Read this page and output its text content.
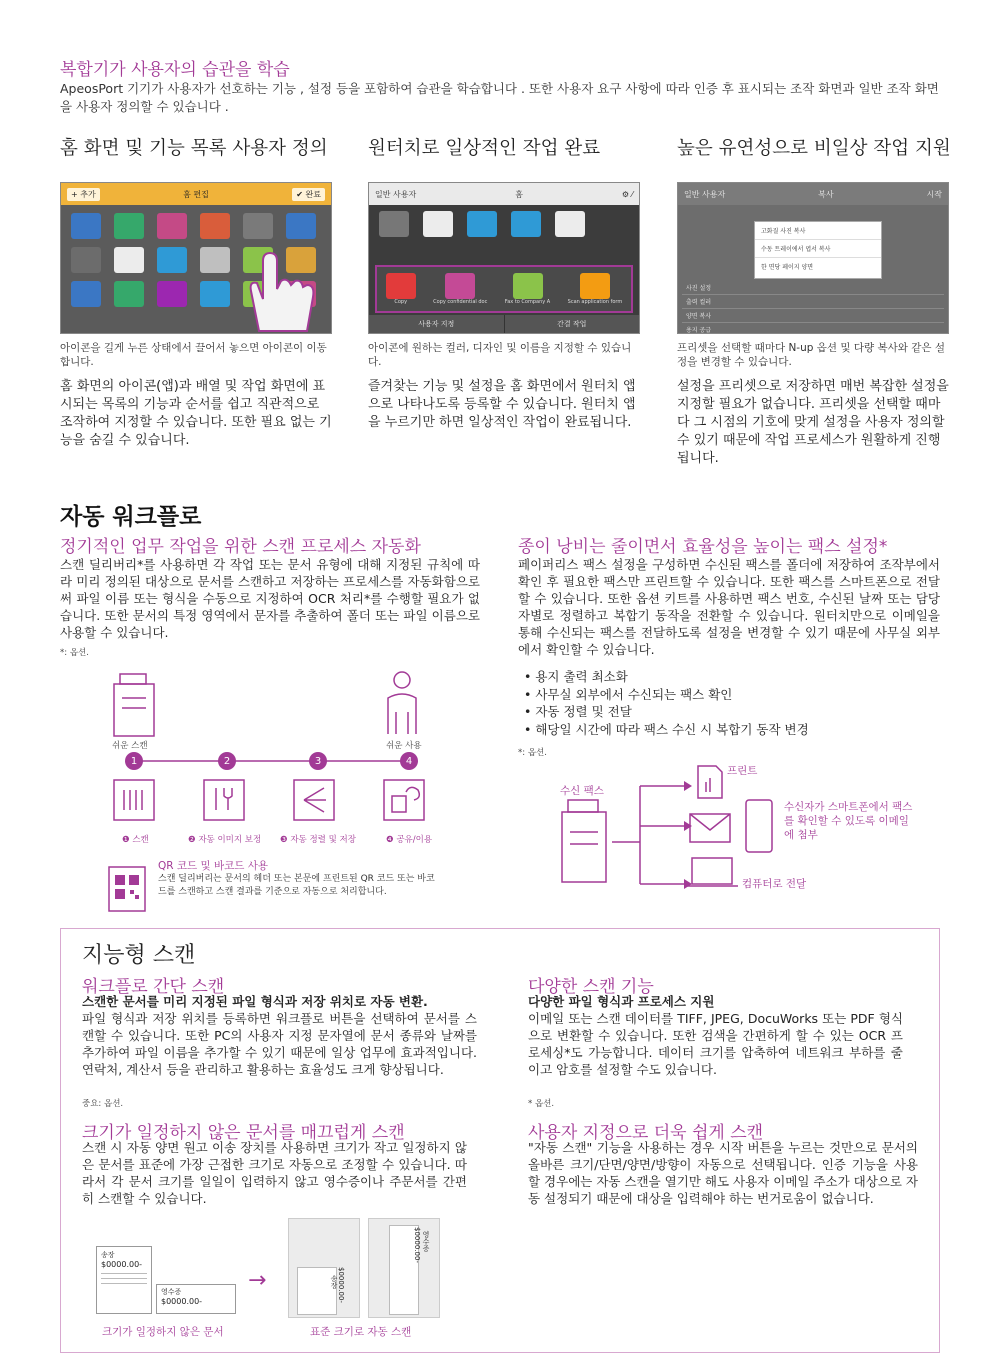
복합기가 사용자의 습관을 학습
ApeosPort 기기가 사용자가 선호하는 기능 , 설정 등을 포함하여 습관을 학습합니다 . 또한 사용자 요구 사항에 따라 인증 후 표시되는 조작 화면과 일반 조작 화면을 사용자 정의할 수 있습니다 .
홈 화면 및 기능 목록 사용자 정의 원터치로 일상적인 작업 완료	높은 유연성으로 비일상 작업 지원
+ 추가	홈 편집	✔ 완료	일반 사용자	홈	⚙ ⁄
Copy	Copy confidential doc	Fax to Company A	Scan application form
사용자 지정	간결 작업
일반 사용자	복사	시작
고화질 사진 복사
수동 트레이에서 엽서 복사
한 면당 페이지 양면
사진 설정
출력 컬러
양면 복사
용지 공급
아이콘을 길게 누른 상태에서 끌어서 놓으면 아이콘이 이동합니다.
아이콘에 원하는 컬러, 디자인 및 이름을 지정할 수 있습니다.
프리셋을 선택할 때마다 N-up 옵션 및 다량 복사와 같은 설정을 변경할 수 있습니다.
홈 화면의 아이콘(앱)과 배열 및 작업 화면에 표시되는 목록의 기능과 순서를 쉽고 직관적으로 조작하여 지정할 수 있습니다. 또한 필요 없는 기능을 숨길 수 있습니다.
즐겨찾는 기능 및 설정을 홈 화면에서 원터치 앱으로 나타나도록 등록할 수 있습니다. 원터치 앱을 누르기만 하면 일상적인 작업이 완료됩니다.
설정을 프리셋으로 저장하면 매번 복잡한 설정을 지정할 필요가 없습니다. 프리셋을 선택할 때마다 그 시점의 기호에 맞게 설정을 사용자 정의할 수 있기 때문에 작업 프로세스가 원활하게 진행됩니다.
자동 워크플로
정기적인 업무 작업을 위한 스캔 프로세스 자동화
스캔 딜리버리*를 사용하면 각 작업 또는 문서 유형에 대해 지정된 규칙에 따라 미리 정의된 대상으로 문서를 스캔하고 저장하는 프로세스를 자동화함으로써 파일 이름 또는 형식을 수동으로 지정하여 OCR 처리*를 수행할 필요가 없습니다. 또한 문서의 특정 영역에서 문자를 추출하여 폴더 또는 파일 이름으로 사용할 수 있습니다.
*: 옵션.
종이 낭비는 줄이면서 효율성을 높이는 팩스 설정*
페이퍼리스 팩스 설정을 구성하면 수신된 팩스를 폴더에 저장하여 조작부에서 확인 후 필요한 팩스만 프린트할 수 있습니다. 또한 팩스를 스마트폰으로 전달할 수 있습니다. 또한 옵션 키트를 사용하면 팩스 번호, 수신된 날짜 또는 담당자별로 정렬하고 복합기 동작을 전환할 수 있습니다. 원터치만으로 이메일을 통해 수신되는 팩스를 전달하도록 설정을 변경할 수 있기 때문에 사무실 외부에서 확인할 수 있습니다.
• 용지 출력 최소화
• 사무실 외부에서 수신되는 팩스 확인
• 자동 정렬 및 전달
• 해당일 시간에 따라 팩스 수신 시 복합기 동작 변경
*: 옵션.
쉬운 스캔	쉬운 사용
1	2	3	4
❶ 스캔	❷ 자동 이미지 보정 ❸ 자동 정렬 및 저장	❹ 공유/이용
QR 코드 및 바코드 사용
스캔 딜리버리는 문서의 헤더 또는 본문에 프린트된 QR 코드 또는 바코드를 스캔하고 스캔 결과를 기준으로 자동으로 처리합니다.
수신 팩스
프린트
수신자가 스마트폰에서 팩스를 확인할 수 있도록 이메일에 첨부
컴퓨터로 전달
지능형 스캔
워크플로 간단 스캔
스캔한 문서를 미리 지정된 파일 형식과 저장 위치로 자동 변환.
파일 형식과 저장 위치를 등록하면 워크플로 버튼을 선택하여 문서를 스캔할 수 있습니다. 또한 PC의 사용자 지정 문자열에 문서 종류와 날짜를 추가하여 파일 이름을 추가할 수 있기 때문에 일상 업무에 효과적입니다. 연락처, 계산서 등을 관리하고 활용하는 효율성도 크게 향상됩니다.
중요: 옵션.
크기가 일정하지 않은 문서를 매끄럽게 스캔
스캔 시 자동 양면 원고 이송 장치를 사용하면 크기가 작고 일정하지 않은 문서를 표준에 가장 근접한 크기로 자동으로 조정할 수 있습니다. 따라서 각 문서 크기를 일일이 입력하지 않고 영수증이나 주문서를 간편히 스캔할 수 있습니다.
송장
$0000.00-
영수증
$0000.00-
→	송장 $0000.00-
영수증
$0000.00-
크기가 일정하지 않은 문서	표준 크기로 자동 스캔
다양한 스캔 기능
다양한 파일 형식과 프로세스 지원
이메일 또는 스캔 데이터를 TIFF, JPEG, DocuWorks 또는 PDF 형식으로 변환할 수 있습니다. 또한 검색을 간편하게 할 수 있는 OCR 프로세싱*도 가능합니다. 데이터 크기를 압축하여 네트워크 부하를 줄이고 암호를 설정할 수도 있습니다.
* 옵션.
사용자 지정으로 더욱 쉽게 스캔
"자동 스캔" 기능을 사용하는 경우 시작 버튼을 누르는 것만으로 문서의 올바른 크기/단면/양면/방향이 자동으로 선택됩니다. 인증 기능을 사용할 경우에는 자동 스캔을 열기만 해도 사용자 이메일 주소가 대상으로 자동 설정되기 때문에 대상을 입력해야 하는 번거로움이 없습니다.
